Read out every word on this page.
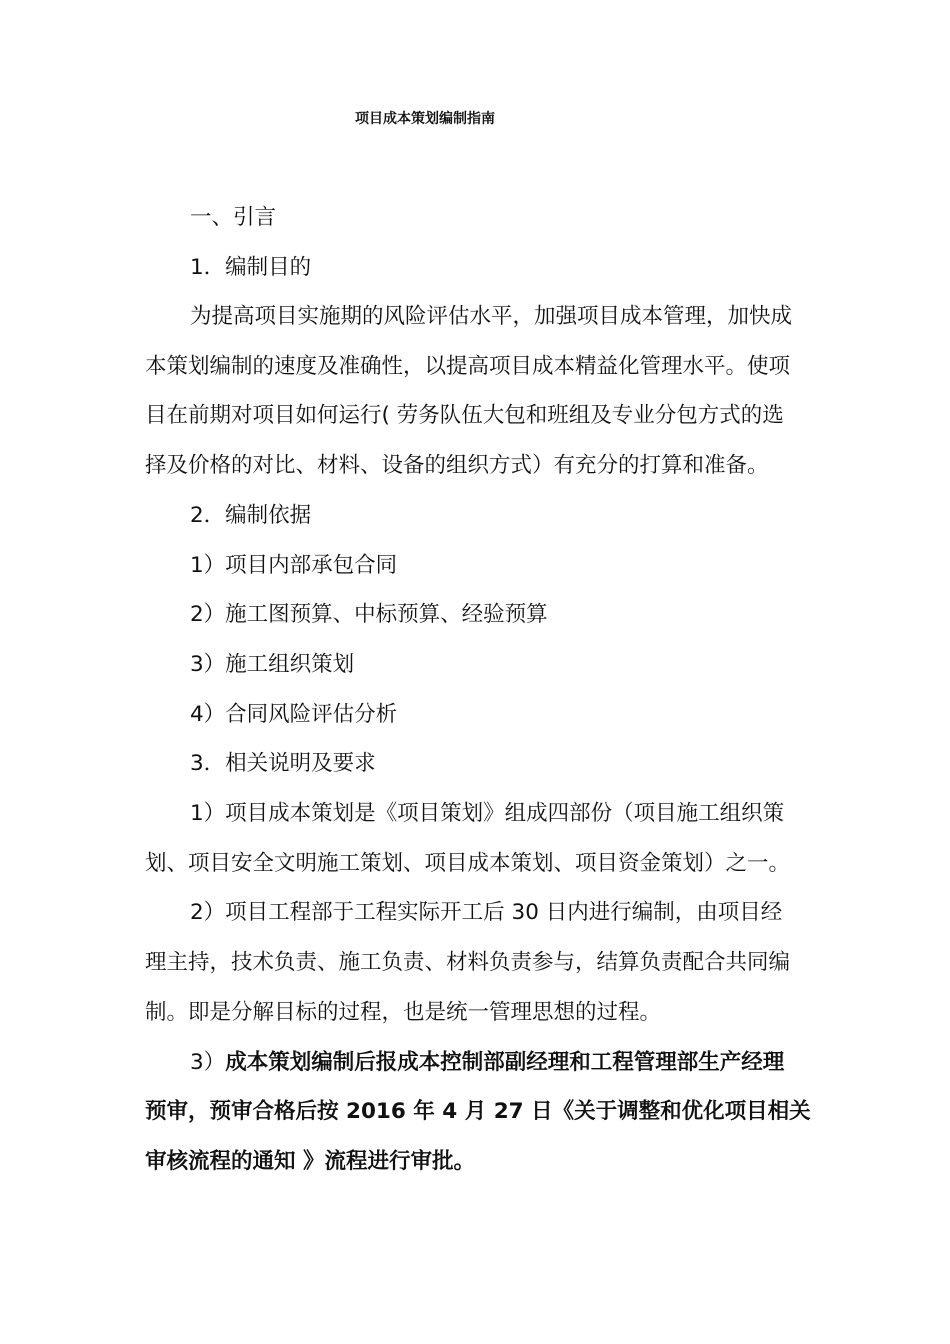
项目成本策划编制指南
一、引言
1．编制目的
为提高项目实施期的风险评估水平，加强项目成本管理，加快成
本策划编制的速度及准确性，以提高项目成本精益化管理水平。使项
目在前期对项目如何运行( 劳务队伍大包和班组及专业分包方式的选
择及价格的对比、材料、设备的组织方式）有充分的打算和准备。
2．编制依据
1）项目内部承包合同
2）施工图预算、中标预算、经验预算
3）施工组织策划
4）合同风险评估分析
3．相关说明及要求
1）项目成本策划是《项目策划》组成四部份（项目施工组织策
划、项目安全文明施工策划、项目成本策划、项目资金策划）之一。
2）项目工程部于工程实际开工后 30 日内进行编制，由项目经
理主持，技术负责、施工负责、材料负责参与，结算负责配合共同编
制。即是分解目标的过程，也是统一管理思想的过程。
3）成本策划编制后报成本控制部副经理和工程管理部生产经理
预审，预审合格后按 2016 年 4 月 27 日《关于调整和优化项目相关
审核流程的通知 》流程进行审批。
